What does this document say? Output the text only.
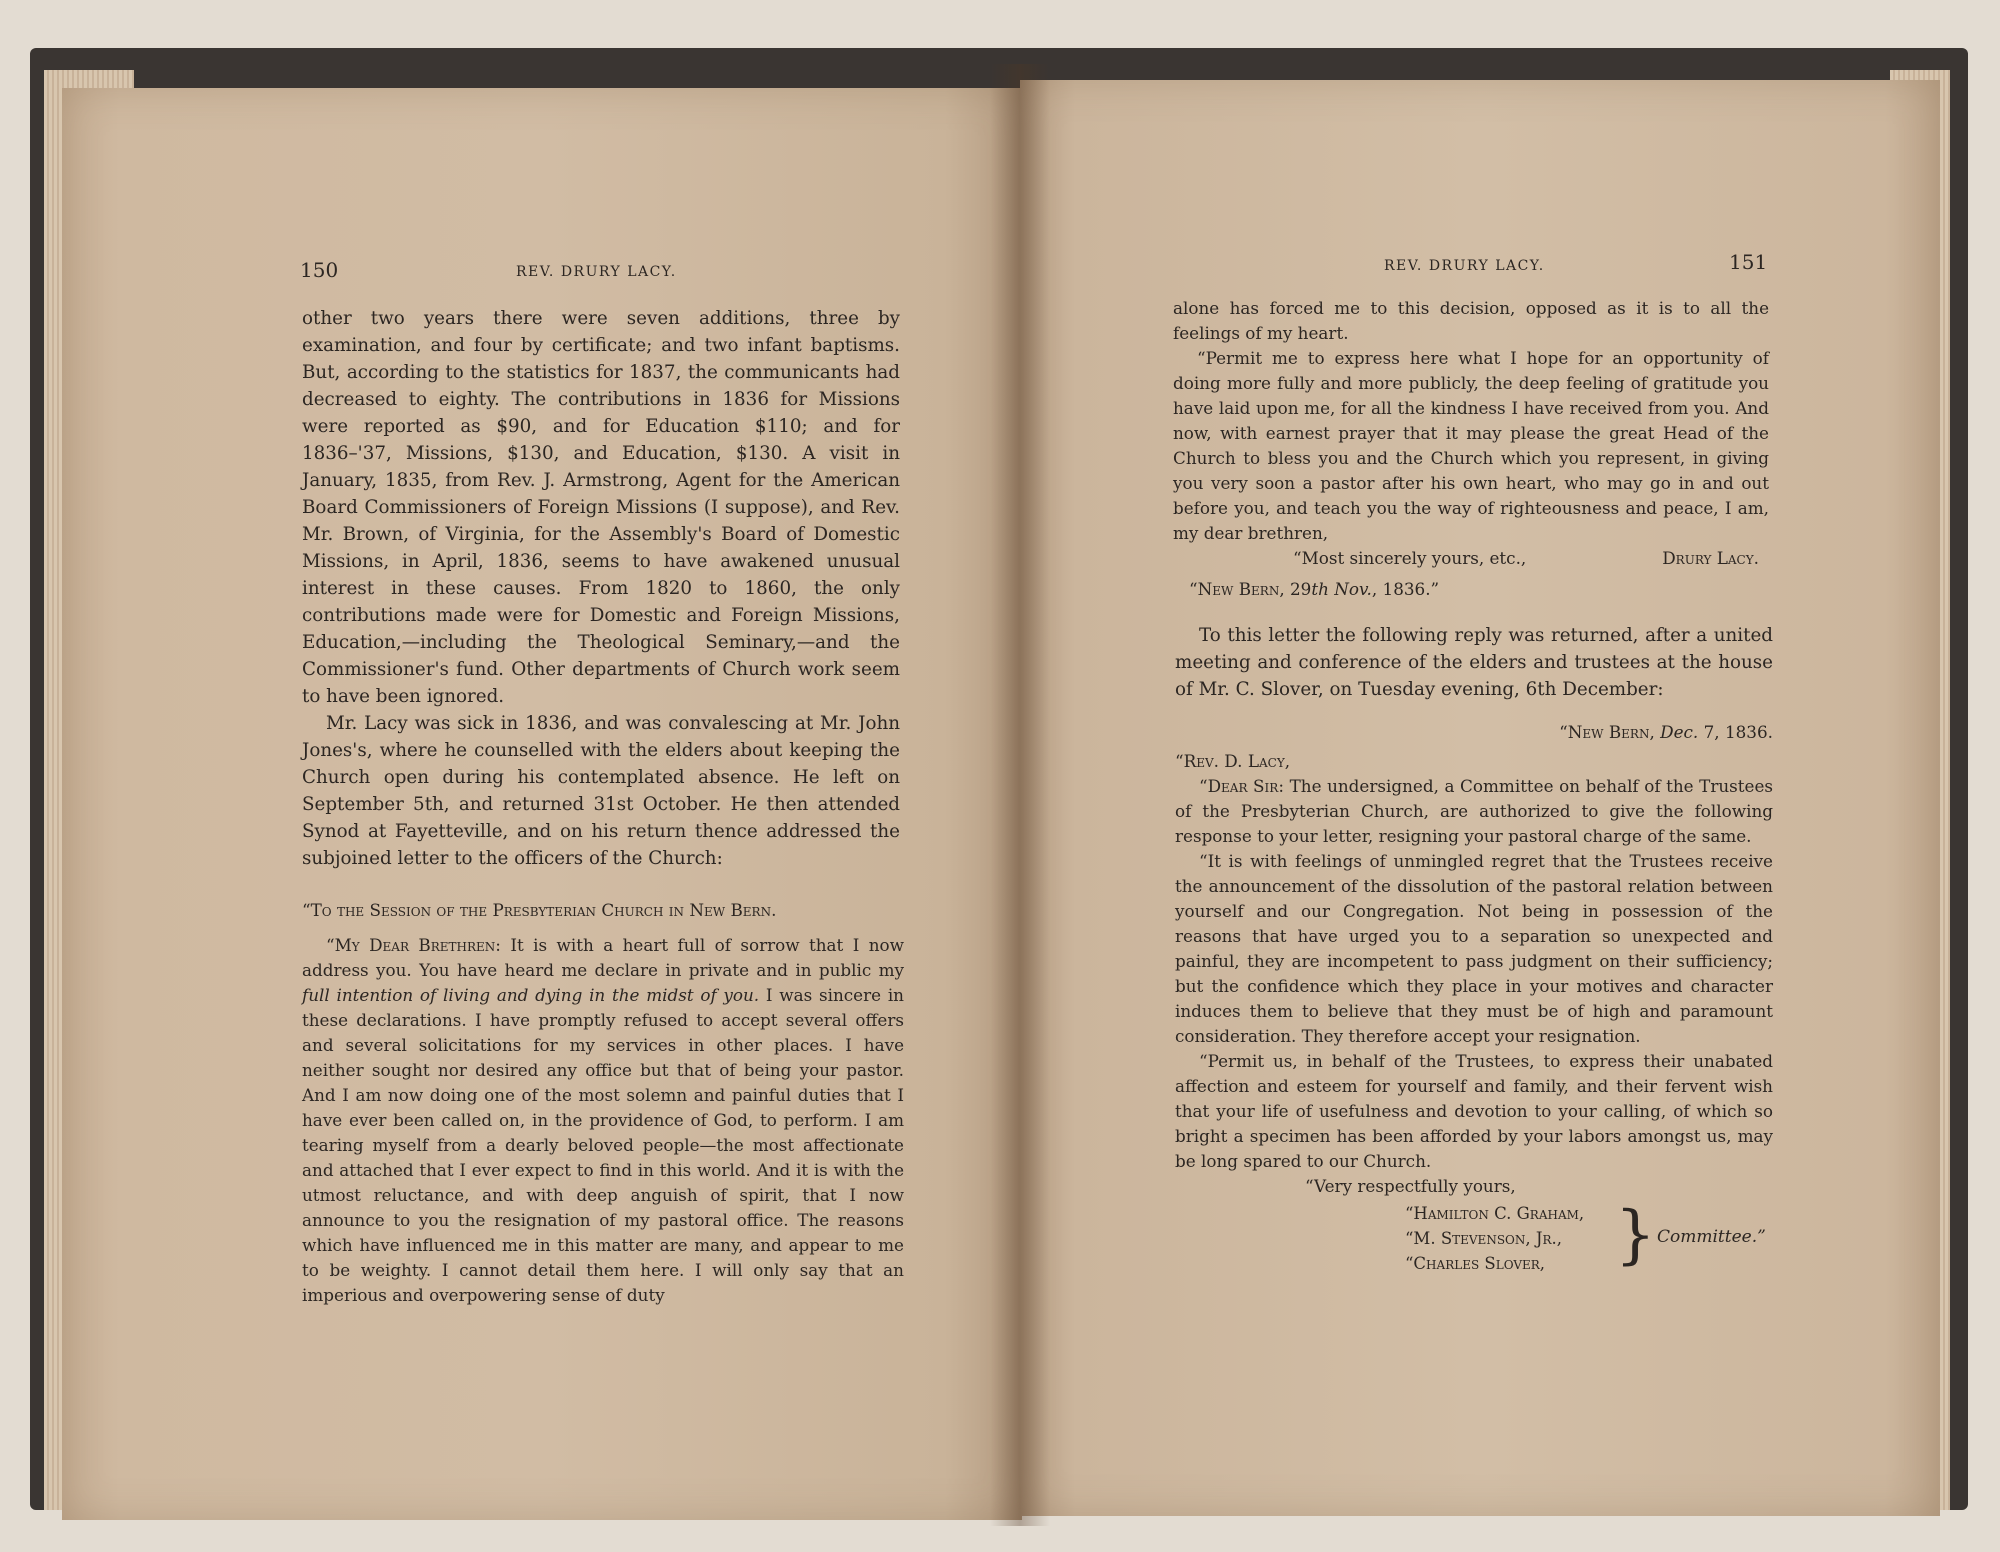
150	REV. DRURY LACY.

other two years there were seven additions, three by examination, and four by certificate; and two infant baptisms. But, according to the statistics for 1837, the communicants had decreased to eighty. The contributions in 1836 for Missions were reported as $90, and for Education $110; and for 1836–'37, Missions, $130, and Education, $130. A visit in January, 1835, from Rev. J. Armstrong, Agent for the American Board Commissioners of Foreign Missions (I suppose), and Rev. Mr. Brown, of Virginia, for the Assembly's Board of Domestic Missions, in April, 1836, seems to have awakened unusual interest in these causes. From 1820 to 1860, the only contributions made were for Domestic and Foreign Missions, Education,—including the Theological Seminary,—and the Commissioner's fund. Other departments of Church work seem to have been ignored.

Mr. Lacy was sick in 1836, and was convalescing at Mr. John Jones's, where he counselled with the elders about keeping the Church open during his contemplated absence. He left on September 5th, and returned 31st October. He then attended Synod at Fayetteville, and on his return thence addressed the subjoined letter to the officers of the Church:

“To the Session of the Presbyterian Church in New Bern.

“My Dear Brethren: It is with a heart full of sorrow that I now address you. You have heard me declare in private and in public my full intention of living and dying in the midst of you. I was sincere in these declarations. I have promptly refused to accept several offers and several solicitations for my services in other places. I have neither sought nor desired any office but that of being your pastor. And I am now doing one of the most solemn and painful duties that I have ever been called on, in the providence of God, to perform. I am tearing myself from a dearly beloved people—the most affectionate and attached that I ever expect to find in this world. And it is with the utmost reluctance, and with deep anguish of spirit, that I now announce to you the resignation of my pastoral office. The reasons which have influenced me in this matter are many, and appear to me to be weighty. I cannot detail them here. I will only say that an imperious and overpowering sense of duty

REV. DRURY LACY.	151

alone has forced me to this decision, opposed as it is to all the feelings of my heart.

“Permit me to express here what I hope for an opportunity of doing more fully and more publicly, the deep feeling of gratitude you have laid upon me, for all the kindness I have received from you. And now, with earnest prayer that it may please the great Head of the Church to bless you and the Church which you represent, in giving you very soon a pastor after his own heart, who may go in and out before you, and teach you the way of righteousness and peace, I am, my dear brethren,

“Most sincerely yours, etc.,	Drury Lacy.

“New Bern, 29th Nov., 1836.”

To this letter the following reply was returned, after a united meeting and conference of the elders and trustees at the house of Mr. C. Slover, on Tuesday evening, 6th December:

“New Bern, Dec. 7, 1836.

“Rev. D. Lacy,

“Dear Sir: The undersigned, a Committee on behalf of the Trustees of the Presbyterian Church, are authorized to give the following response to your letter, resigning your pastoral charge of the same.

“It is with feelings of unmingled regret that the Trustees receive the announcement of the dissolution of the pastoral relation between yourself and our Congregation. Not being in possession of the reasons that have urged you to a separation so unexpected and painful, they are incompetent to pass judgment on their sufficiency; but the confidence which they place in your motives and character induces them to believe that they must be of high and paramount consideration. They therefore accept your resignation.

“Permit us, in behalf of the Trustees, to express their unabated affection and esteem for yourself and family, and their fervent wish that your life of usefulness and devotion to your calling, of which so bright a specimen has been afforded by your labors amongst us, may be long spared to our Church.

“Very respectfully yours,

“Hamilton C. Graham,
“M. Stevenson, Jr.,
“Charles Slover,	} Committee.”
